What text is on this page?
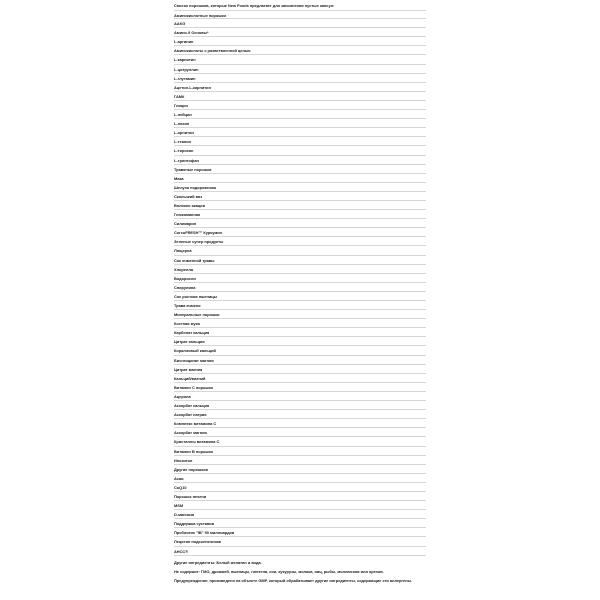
Список порошков, которые New Foods предлагает для заполнения пустых капсул:
Аминокислотные порошки
AAKG
Амино-9 Основы*
L-аргинин
Аминокислоты с разветвленной цепью
L-карнитин
L-цитруллин
L-глутамин
Ацетил-L-карнитин
ГАМК
Глицин
L-лейцин
L-лизин
L-орнитин
L-теанин
L-тирозин
L-триптофан
Травяные порошки
Мака
Шелуха подорожника
Скользкий вяз
Волокно акации
Глюкоманнан
Силимарин
CurcuFRESH™ Куркумин
Зеленые супер продукты
Люцерна
Сок ячменной травы
Хлорелла
Водоросли
Спирулина
Сок ростков пшеницы
Трава ячменя
Минеральные порошки
Костная мука
Карбонат кальция
Цитрат кальция
Коралловый кальций
Бисглицинат магния
Цитрат магния
Кальций/магний
Витамин С порошок
Ацерола
Аскорбат кальция
Аскорбат натрия
Комплекс витамина С
Аскорбат магния
Кристаллы витамина С
Витамин В порошок
Инозитол
Другие порошков
Асаи
CoQ10
Порошок печени
MSM
D-манноза
Поддержка суставов
Пробиотик "IB" 50 миллиардов
Лецитин подсолнечника
AHCC®
Другие ингредиенты: Белый желатин и вода.
Не содержит: ГМО, дрожжей, пшеницы, глютена, сои, кукурузы, молока, яиц, рыбы, моллюсков или орехов.
Предупреждение: произведено на объекте GMP, который обрабатывает другие ингредиенты, содержащие эти аллергены.
